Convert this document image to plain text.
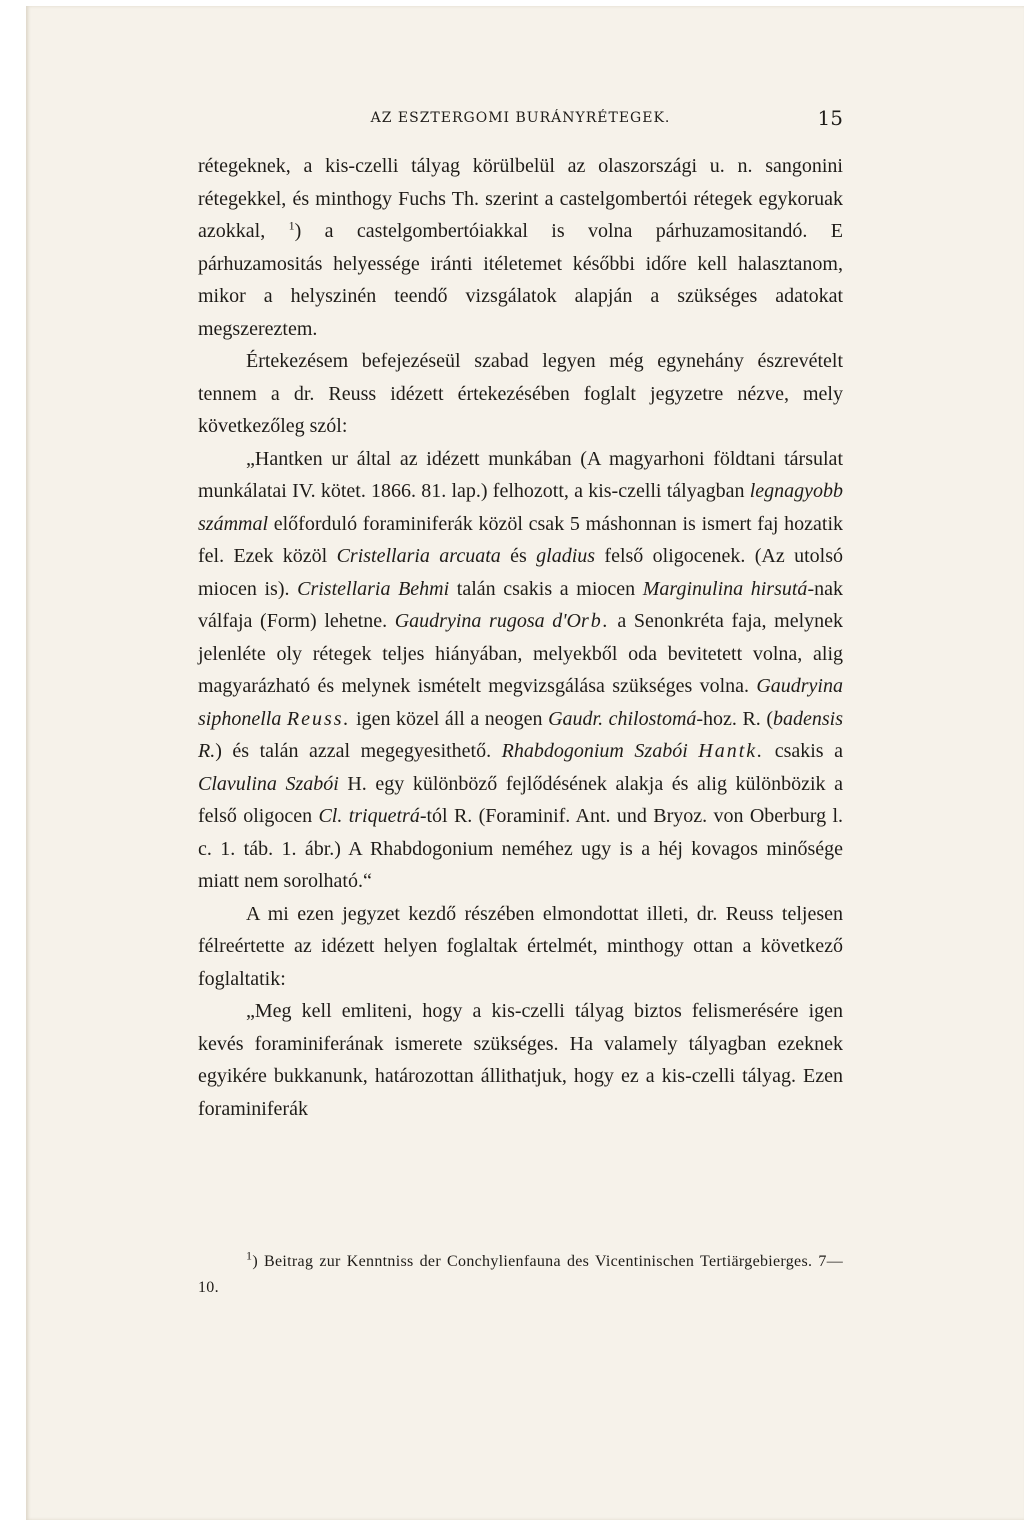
AZ ESZTERGOMI BURÁNYRÉTEGEK.	15

rétegeknek, a kis-czelli tályag körülbelül az olaszországi u. n. sangonini rétegekkel, és minthogy Fuchs Th. szerint a castelgombertói rétegek egykoruak azokkal, $^1$) a castelgombertóiakkal is volna párhuzamositandó. E párhuzamositás helyessége iránti itéletemet későbbi időre kell halasztanom, mikor a helyszinén teendő vizsgálatok alapján a szükséges adatokat megszereztem.

Értekezésem befejezéseül szabad legyen még egynehány észrevételt tennem a dr. Reuss idézett értekezésében foglalt jegyzetre nézve, mely következőleg szól:

„Hantken ur által az idézett munkában (A magyarhoni földtani társulat munkálatai IV. kötet. 1866. 81. lap.) felhozott, a kis-czelli tályagban legnagyobb számmal előforduló foraminiferák közöl csak 5 máshonnan is ismert faj hozatik fel. Ezek közöl Cristellaria arcuata és gladius felső oligocenek. (Az utolsó miocen is). Cristellaria Behmi talán csakis a miocen Marginulina hirsutá-nak válfaja (Form) lehetne. Gaudryina rugosa d'Orb. a Senonkréta faja, melynek jelenléte oly rétegek teljes hiányában, melyekből oda bevitetett volna, alig magyarázható és melynek ismételt megvizsgálása szükséges volna. Gaudryina siphonella Reuss. igen közel áll a neogen Gaudr. chilostomá-hoz. R. (badensis R.) és talán azzal megegyesithető. Rhabdogonium Szabói Hantk. csakis a Clavulina Szabói H. egy különböző fejlődésének alakja és alig különbözik a felső oligocen Cl. triquetrá-tól R. (Foraminif. Ant. und Bryoz. von Oberburg l. c. 1. táb. 1. ábr.) A Rhabdogonium neméhez ugy is a héj kovagos minősége miatt nem sorolható.“

A mi ezen jegyzet kezdő részében elmondottat illeti, dr. Reuss teljesen félreértette az idézett helyen foglaltak értelmét, minthogy ottan a következő foglaltatik:

„Meg kell emliteni, hogy a kis-czelli tályag biztos felismerésére igen kevés foraminiferának ismerete szükséges. Ha valamely tályagban ezeknek egyikére bukkanunk, határozottan állithatjuk, hogy ez a kis-czelli tályag. Ezen foraminiferák

$^1$) Beitrag zur Kenntniss der Conchylienfauna des Vicentinischen Tertiärgebierges. 7—10.
